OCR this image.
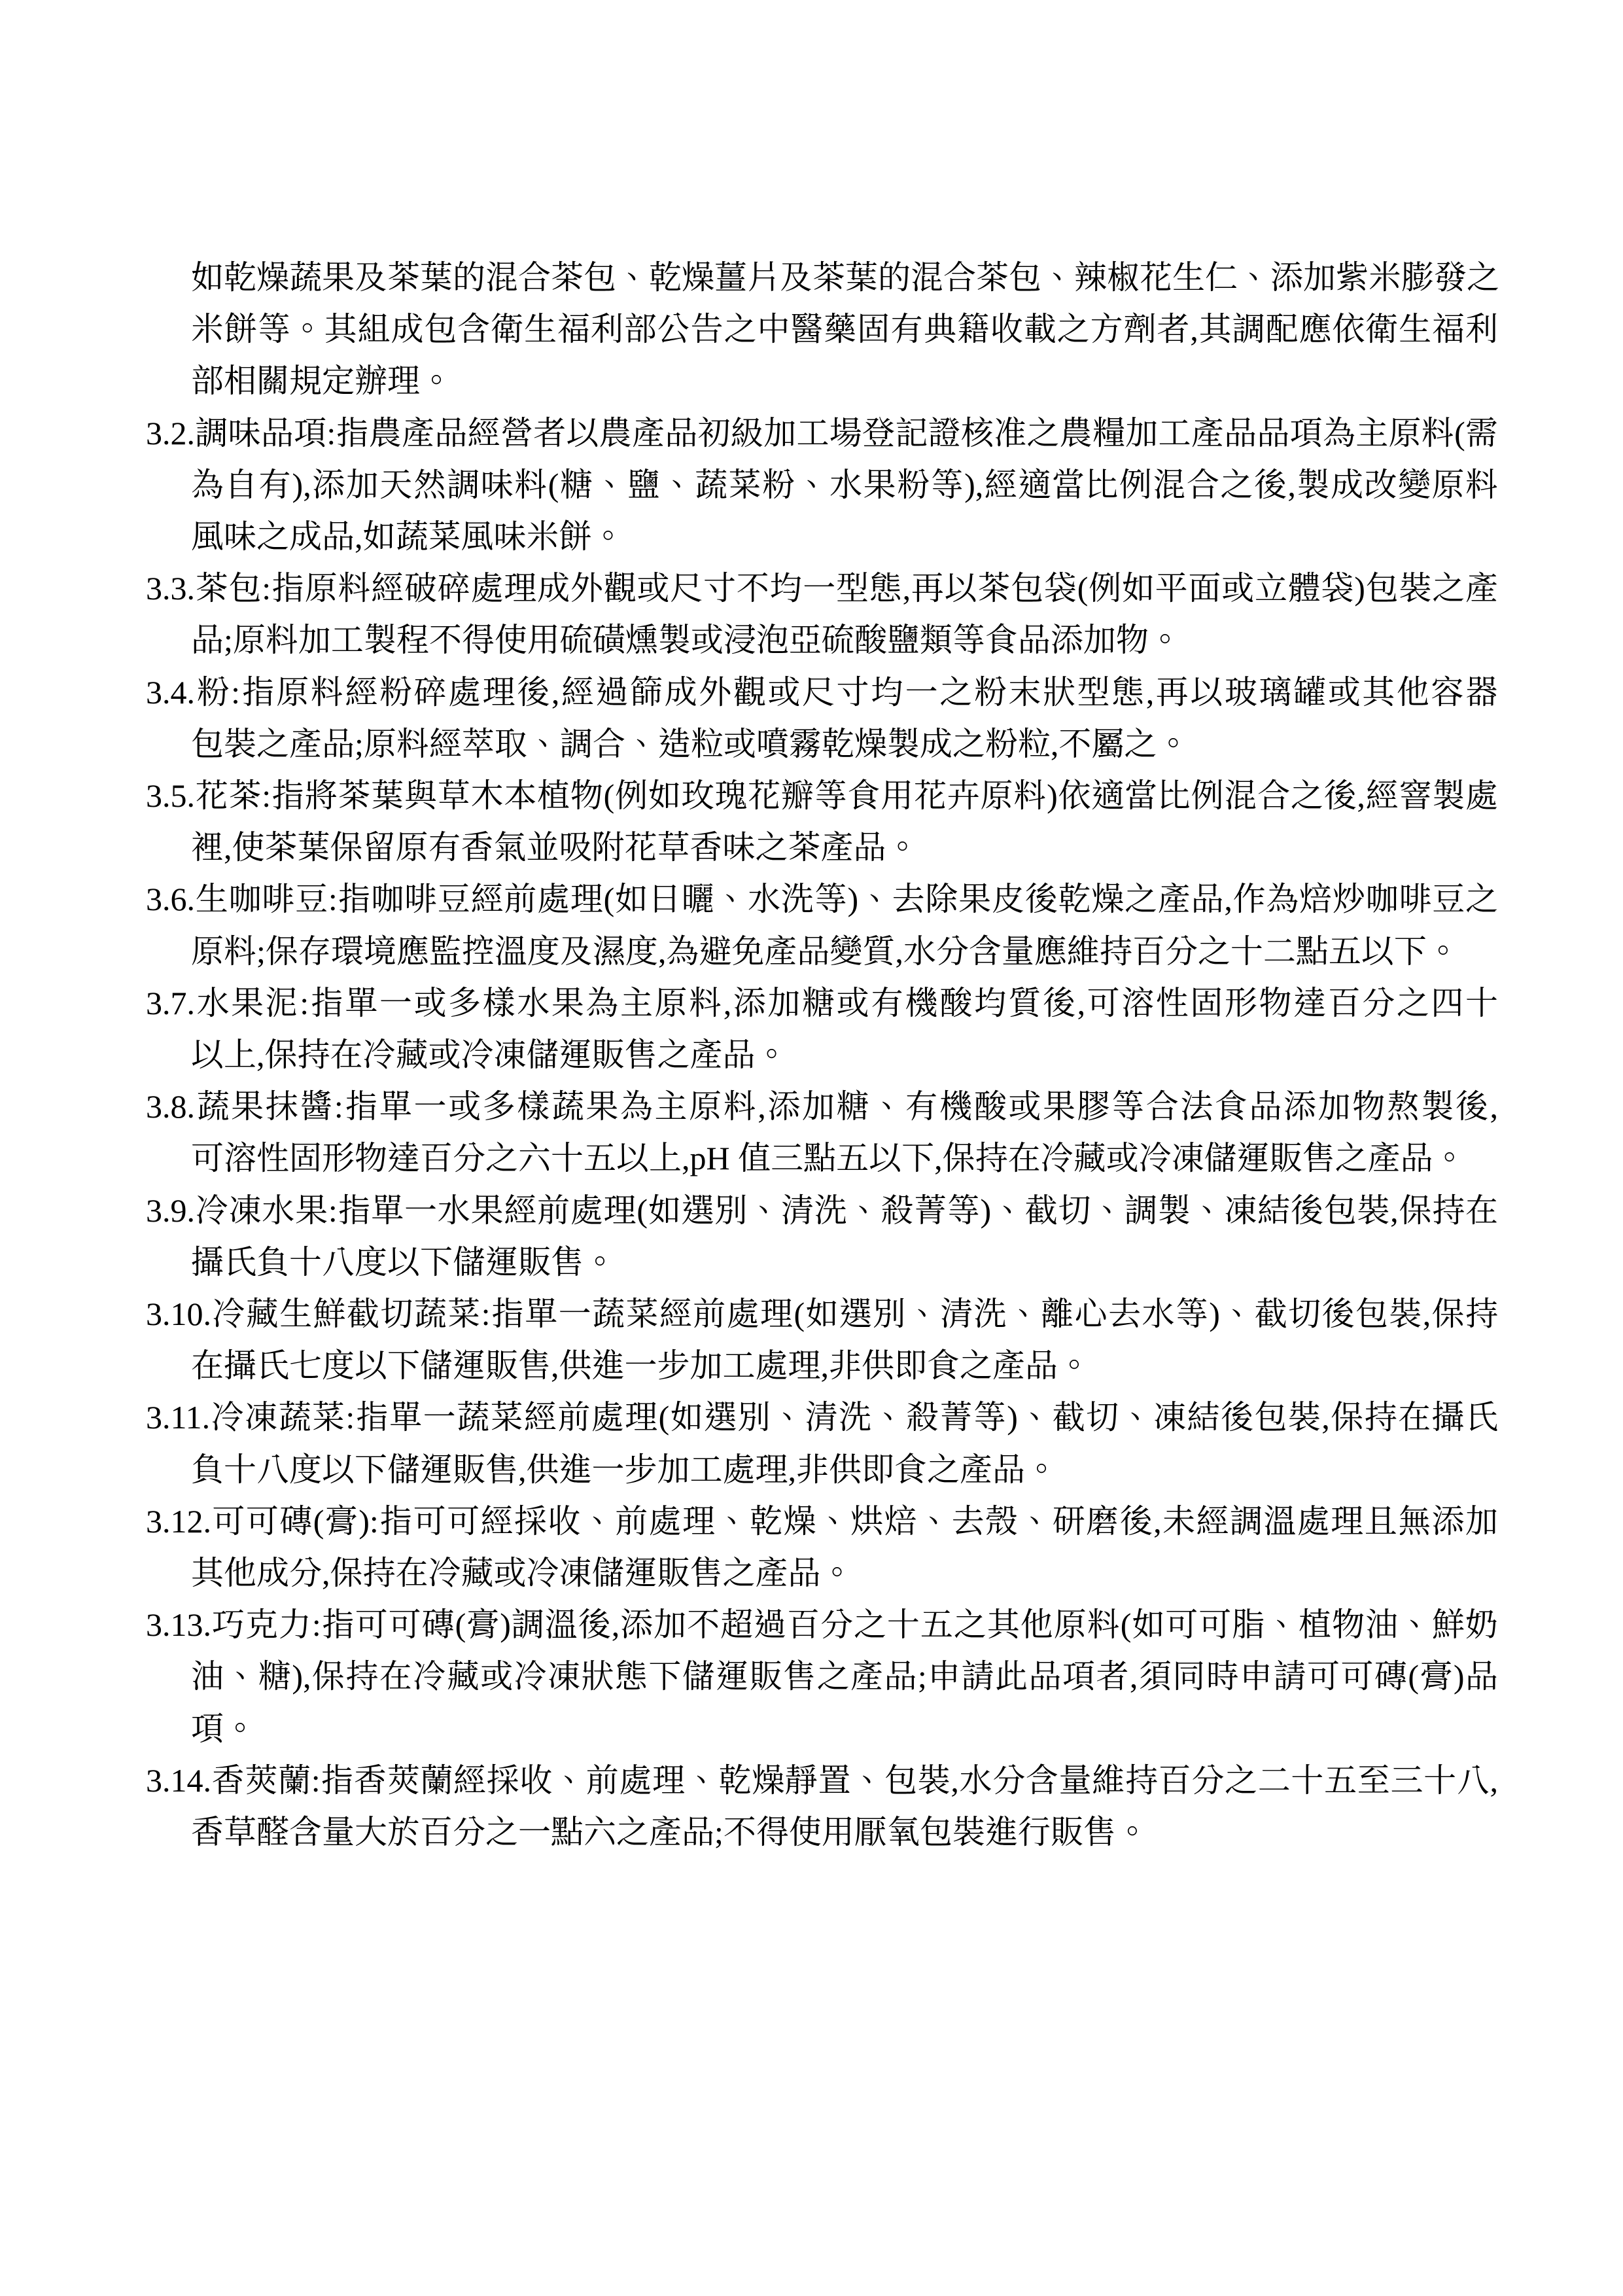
如乾燥蔬果及茶葉的混合茶包、乾燥薑片及茶葉的混合茶包、辣椒花生仁、添加紫米膨發之
米餅等。其組成包含衛生福利部公告之中醫藥固有典籍收載之方劑者,其調配應依衛生福利
部相關規定辦理。
3.2.調味品項:指農產品經營者以農產品初級加工場登記證核准之農糧加工產品品項為主原料(需
為自有),添加天然調味料(糖、鹽、蔬菜粉、水果粉等),經適當比例混合之後,製成改變原料
風味之成品,如蔬菜風味米餅。
3.3.茶包:指原料經破碎處理成外觀或尺寸不均一型態,再以茶包袋(例如平面或立體袋)包裝之產
品;原料加工製程不得使用硫磺燻製或浸泡亞硫酸鹽類等食品添加物。
3.4.粉:指原料經粉碎處理後,經過篩成外觀或尺寸均一之粉末狀型態,再以玻璃罐或其他容器
包裝之產品;原料經萃取、調合、造粒或噴霧乾燥製成之粉粒,不屬之。
3.5.花茶:指將茶葉與草木本植物(例如玫瑰花瓣等食用花卉原料)依適當比例混合之後,經窨製處
裡,使茶葉保留原有香氣並吸附花草香味之茶產品。
3.6.生咖啡豆:指咖啡豆經前處理(如日曬、水洗等)、去除果皮後乾燥之產品,作為焙炒咖啡豆之
原料;保存環境應監控溫度及濕度,為避免產品變質,水分含量應維持百分之十二點五以下。
3.7.水果泥:指單一或多樣水果為主原料,添加糖或有機酸均質後,可溶性固形物達百分之四十
以上,保持在冷藏或冷凍儲運販售之產品。
3.8.蔬果抹醬:指單一或多樣蔬果為主原料,添加糖、有機酸或果膠等合法食品添加物熬製後,
可溶性固形物達百分之六十五以上,pH 值三點五以下,保持在冷藏或冷凍儲運販售之產品。
3.9.冷凍水果:指單一水果經前處理(如選別、清洗、殺菁等)、截切、調製、凍結後包裝,保持在
攝氏負十八度以下儲運販售。
3.10.冷藏生鮮截切蔬菜:指單一蔬菜經前處理(如選別、清洗、離心去水等)、截切後包裝,保持
在攝氏七度以下儲運販售,供進一步加工處理,非供即食之產品。
3.11.冷凍蔬菜:指單一蔬菜經前處理(如選別、清洗、殺菁等)、截切、凍結後包裝,保持在攝氏
負十八度以下儲運販售,供進一步加工處理,非供即食之產品。
3.12.可可磚(膏):指可可經採收、前處理、乾燥、烘焙、去殼、研磨後,未經調溫處理且無添加
其他成分,保持在冷藏或冷凍儲運販售之產品。
3.13.巧克力:指可可磚(膏)調溫後,添加不超過百分之十五之其他原料(如可可脂、植物油、鮮奶
油、糖),保持在冷藏或冷凍狀態下儲運販售之產品;申請此品項者,須同時申請可可磚(膏)品
項。
3.14.香莢蘭:指香莢蘭經採收、前處理、乾燥靜置、包裝,水分含量維持百分之二十五至三十八,
香草醛含量大於百分之一點六之產品;不得使用厭氧包裝進行販售。
